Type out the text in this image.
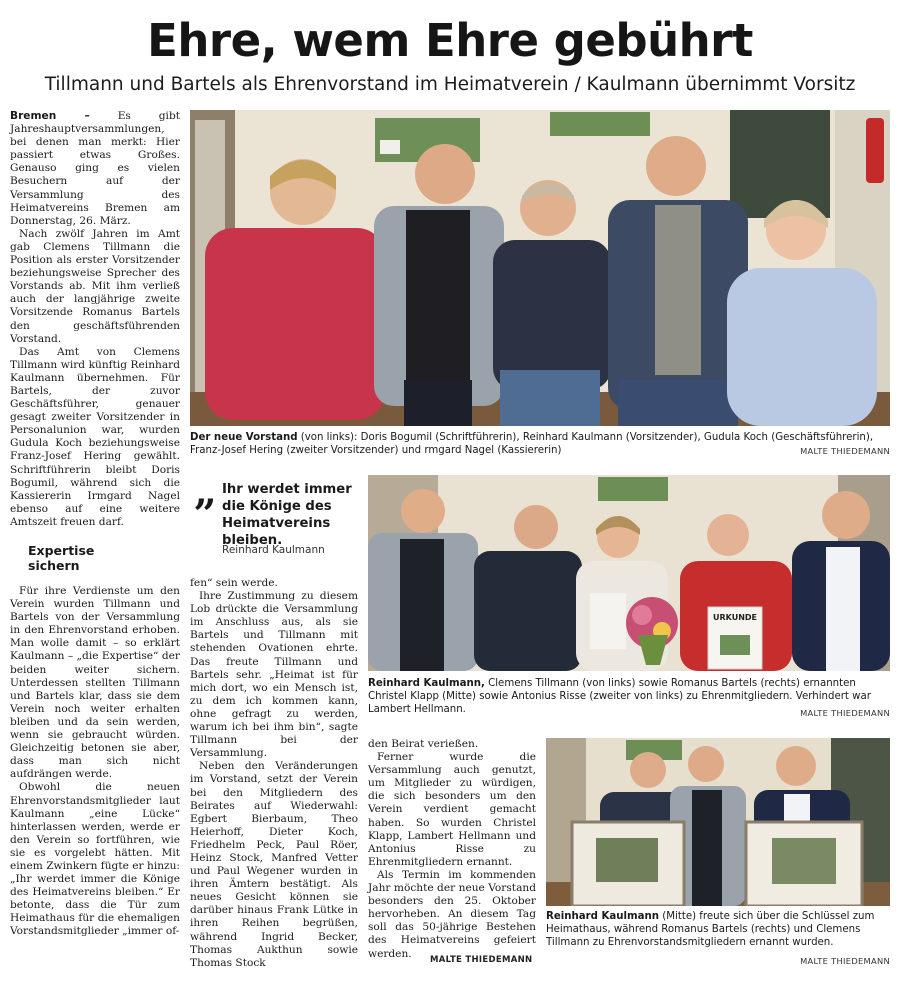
Ehre, wem Ehre gebührt
Tillmann und Bartels als Ehrenvorstand im Heimatverein / Kaulmann übernimmt Vorsitz

Bremen – Es gibt Jahreshauptversammlungen, bei denen man merkt: Hier passiert etwas Großes. Genauso ging es vielen Besuchern auf der Versammlung des Heimatvereins Bremen am Donnerstag, 26. März.

Nach zwölf Jahren im Amt gab Clemens Tillmann die Position als erster Vorsitzender beziehungsweise Sprecher des Vorstands ab. Mit ihm verließ auch der langjährige zweite Vorsitzende Romanus Bartels den geschäftsführenden Vorstand.

Das Amt von Clemens Tillmann wird künftig Reinhard Kaulmann übernehmen. Für Bartels, der zuvor Geschäftsführer, genauer gesagt zweiter Vorsitzender in Personalunion war, wurden Gudula Koch beziehungsweise Franz-Josef Hering gewählt. Schriftführerin bleibt Doris Bogumil, während sich die Kassiererin Irmgard Nagel ebenso auf eine weitere Amtszeit freuen darf.

Expertise
sichern

Für ihre Verdienste um den Verein wurden Tillmann und Bartels von der Versammlung in den Ehrenvorstand erhoben. Man wolle damit – so erklärt Kaulmann – „die Expertise“ der beiden weiter sichern. Unterdessen stellten Tillmann und Bartels klar, dass sie dem Verein noch weiter erhalten bleiben und da sein werden, wenn sie gebraucht würden. Gleichzeitig betonen sie aber, dass man sich nicht aufdrängen werde.

Obwohl die neuen Ehrenvorstandsmitglieder laut Kaulmann „eine Lücke“ hinterlassen werden, werde er den Verein so fortführen, wie sie es vorgelebt hätten. Mit einem Zwinkern fügte er hinzu: „Ihr werdet immer die Könige des Heimatvereins bleiben.“ Er betonte, dass die Tür zum Heimathaus für die ehemaligen Vorstandsmitglieder „immer of-

„ Ihr werdet immer die Könige des Heimatvereins bleiben.
Reinhard Kaulmann

fen“ sein werde.

Ihre Zustimmung zu diesem Lob drückte die Versammlung im Anschluss aus, als sie Bartels und Tillmann mit stehenden Ovationen ehrte. Das freute Tillmann und Bartels sehr. „Heimat ist für mich dort, wo ein Mensch ist, zu dem ich kommen kann, ohne gefragt zu werden, warum ich bei ihm bin“, sagte Tillmann bei der Versammlung.

Neben den Veränderungen im Vorstand, setzt der Verein bei den Mitgliedern des Beirates auf Wiederwahl: Egbert Bierbaum, Theo Heierhoff, Dieter Koch, Friedhelm Peck, Paul Röer, Heinz Stock, Manfred Vetter und Paul Wegener wurden in ihren Ämtern bestätigt. Als neues Gesicht können sie darüber hinaus Frank Lütke in ihren Reihen begrüßen, während Ingrid Becker, Thomas Aukthun sowie Thomas Stock

den Beirat verießen.

Ferner wurde die Versammlung auch genutzt, um Mitglieder zu würdigen, die sich besonders um den Verein verdient gemacht haben. So wurden Christel Klapp, Lambert Hellmann und Antonius Risse zu Ehrenmitgliedern ernannt.

Als Termin im kommenden Jahr möchte der neue Vorstand besonders den 25. Oktober hervorheben. An diesem Tag soll das 50-jährige Bestehen des Heimatvereins gefeiert werden.

MALTE THIEDEMANN
Der neue Vorstand (von links): Doris Bogumil (Schriftführerin), Reinhard Kaulmann (Vorsitzender), Gudula Koch (Geschäftsführerin), Franz-Josef Hering (zweiter Vorsitzender) und rmgard Nagel (Kassiererin)	MALTE THIEDEMANN
URKUNDE
Reinhard Kaulmann, Clemens Tillmann (von links) sowie Romanus Bartels (rechts) ernannten Christel Klapp (Mitte) sowie Antonius Risse (zweiter von links) zu Ehrenmitgliedern. Verhindert war Lambert Hellmann.	MALTE THIEDEMANN
Reinhard Kaulmann (Mitte) freute sich über die Schlüssel zum Heimathaus, während Romanus Bartels (rechts) und Clemens Tillmann zu Ehrenvorstandsmitgliedern ernannt wurden.
MALTE THIEDEMANN
